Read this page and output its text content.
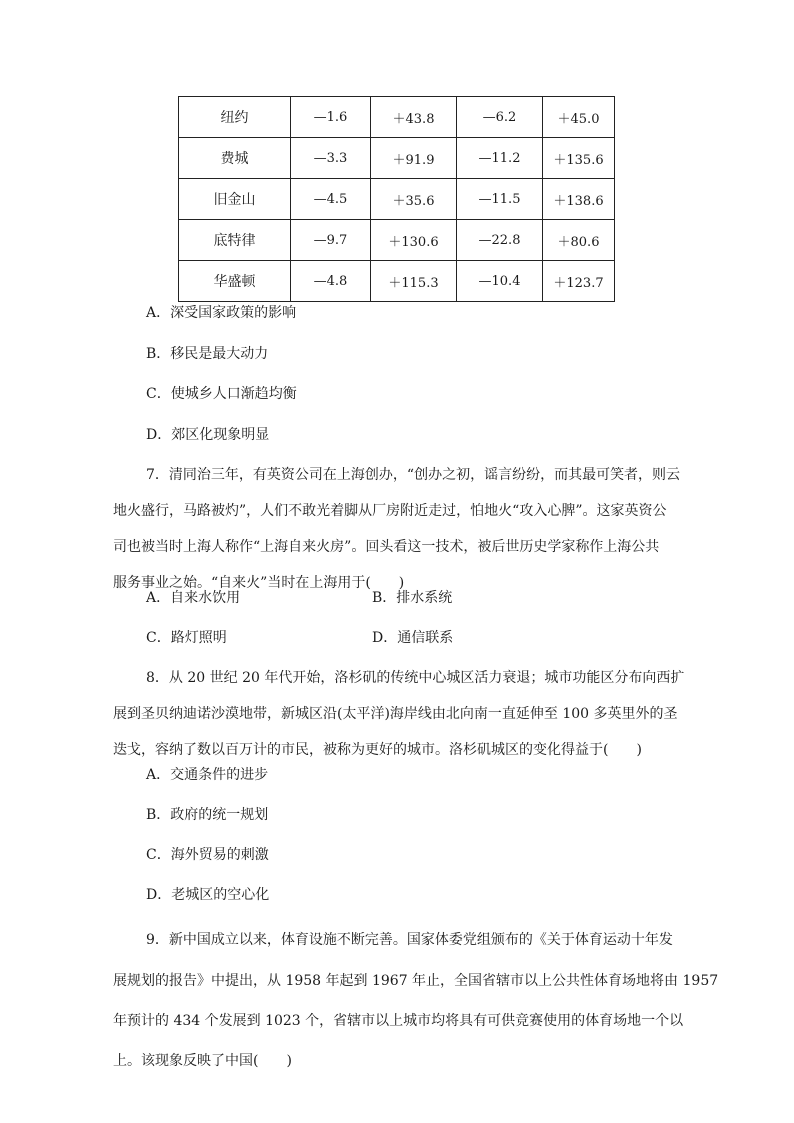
纽约	—1.6	＋43.8	—6.2	＋45.0
费城	—3.3	＋91.9	—11.2	＋135.6
旧金山	—4.5	＋35.6	—11.5	＋138.6
底特律	—9.7	＋130.6	—22.8	＋80.6
华盛顿	—4.8	＋115.3	—10.4	＋123.7
A．深受国家政策的影响
B．移民是最大动力
C．使城乡人口渐趋均衡
D．郊区化现象明显
7．清同治三年，有英资公司在上海创办，“创办之初，谣言纷纷，而其最可笑者，则云
地火盛行，马路被灼”，人们不敢光着脚从厂房附近走过，怕地火“攻入心脾”。这家英资公
司也被当时上海人称作“上海自来火房”。回头看这一技术，被后世历史学家称作上海公共
服务事业之始。“自来火”当时在上海用于(　　)
A．自来水饮用	B．排水系统
C．路灯照明	D．通信联系
8．从 20 世纪 20 年代开始，洛杉矶的传统中心城区活力衰退；城市功能区分布向西扩
展到圣贝纳迪诺沙漠地带，新城区沿(太平洋)海岸线由北向南一直延伸至 100 多英里外的圣
迭戈，容纳了数以百万计的市民，被称为更好的城市。洛杉矶城区的变化得益于(　　)
A．交通条件的进步
B．政府的统一规划
C．海外贸易的刺激
D．老城区的空心化
9．新中国成立以来，体育设施不断完善。国家体委党组颁布的《关于体育运动十年发
展规划的报告》中提出，从 1958 年起到 1967 年止，全国省辖市以上公共性体育场地将由 1957
年预计的 434 个发展到 1023 个，省辖市以上城市均将具有可供竞赛使用的体育场地一个以
上。该现象反映了中国(　　)
